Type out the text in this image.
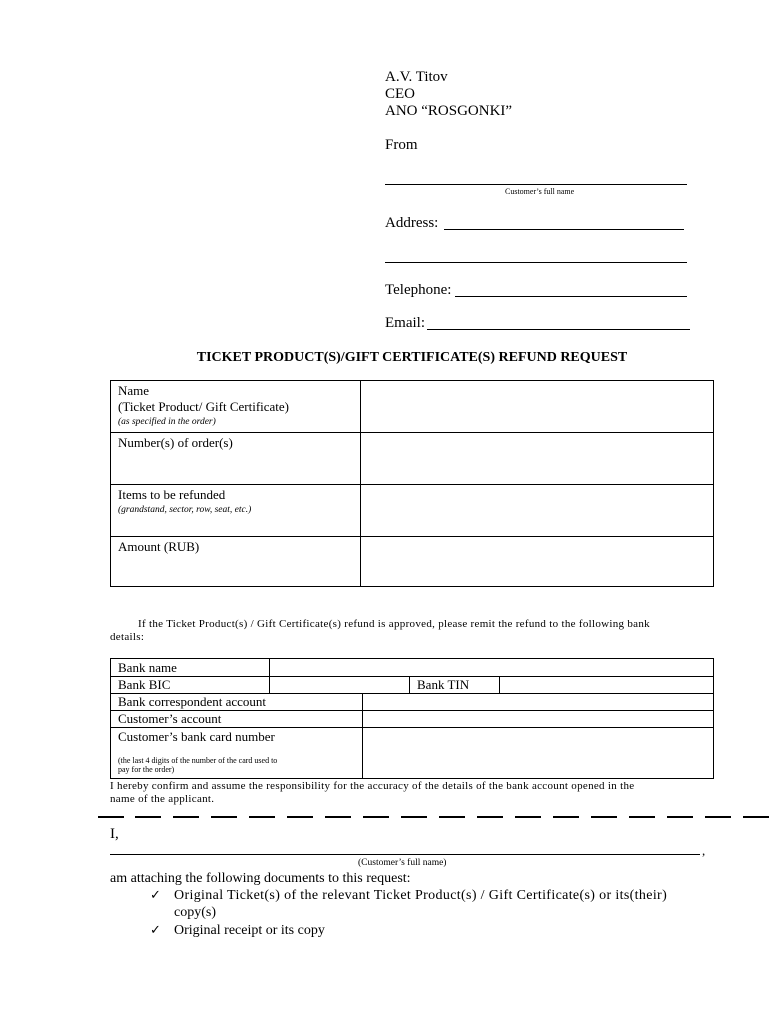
A.V. Titov
CEO
ANO “ROSGONKI”
From
Customer’s full name
Address:
Telephone:
Email:
TICKET PRODUCT(S)/GIFT CERTIFICATE(S) REFUND REQUEST
Name
(Ticket Product/ Gift Certificate)
(as specified in the order)
Number(s) of order(s)
Items to be refunded
(grandstand, sector, row, seat, etc.)
Amount (RUB)
If the Ticket Product(s) / Gift Certificate(s) refund is approved, please remit the refund to the following bank
details:
Bank name
Bank BIC	Bank TIN
Bank correspondent account
Customer’s account
Customer’s bank card number
(the last 4 digits of the number of the card used to
pay for the order)
I hereby confirm and assume the responsibility for the accuracy of the details of the bank account opened in the
name of the applicant.
I,
,
(Customer’s full name)
am attaching the following documents to this request:
✓ Original Ticket(s) of the relevant Ticket Product(s) / Gift Certificate(s) or its(their)
copy(s)
✓ Original receipt or its copy
